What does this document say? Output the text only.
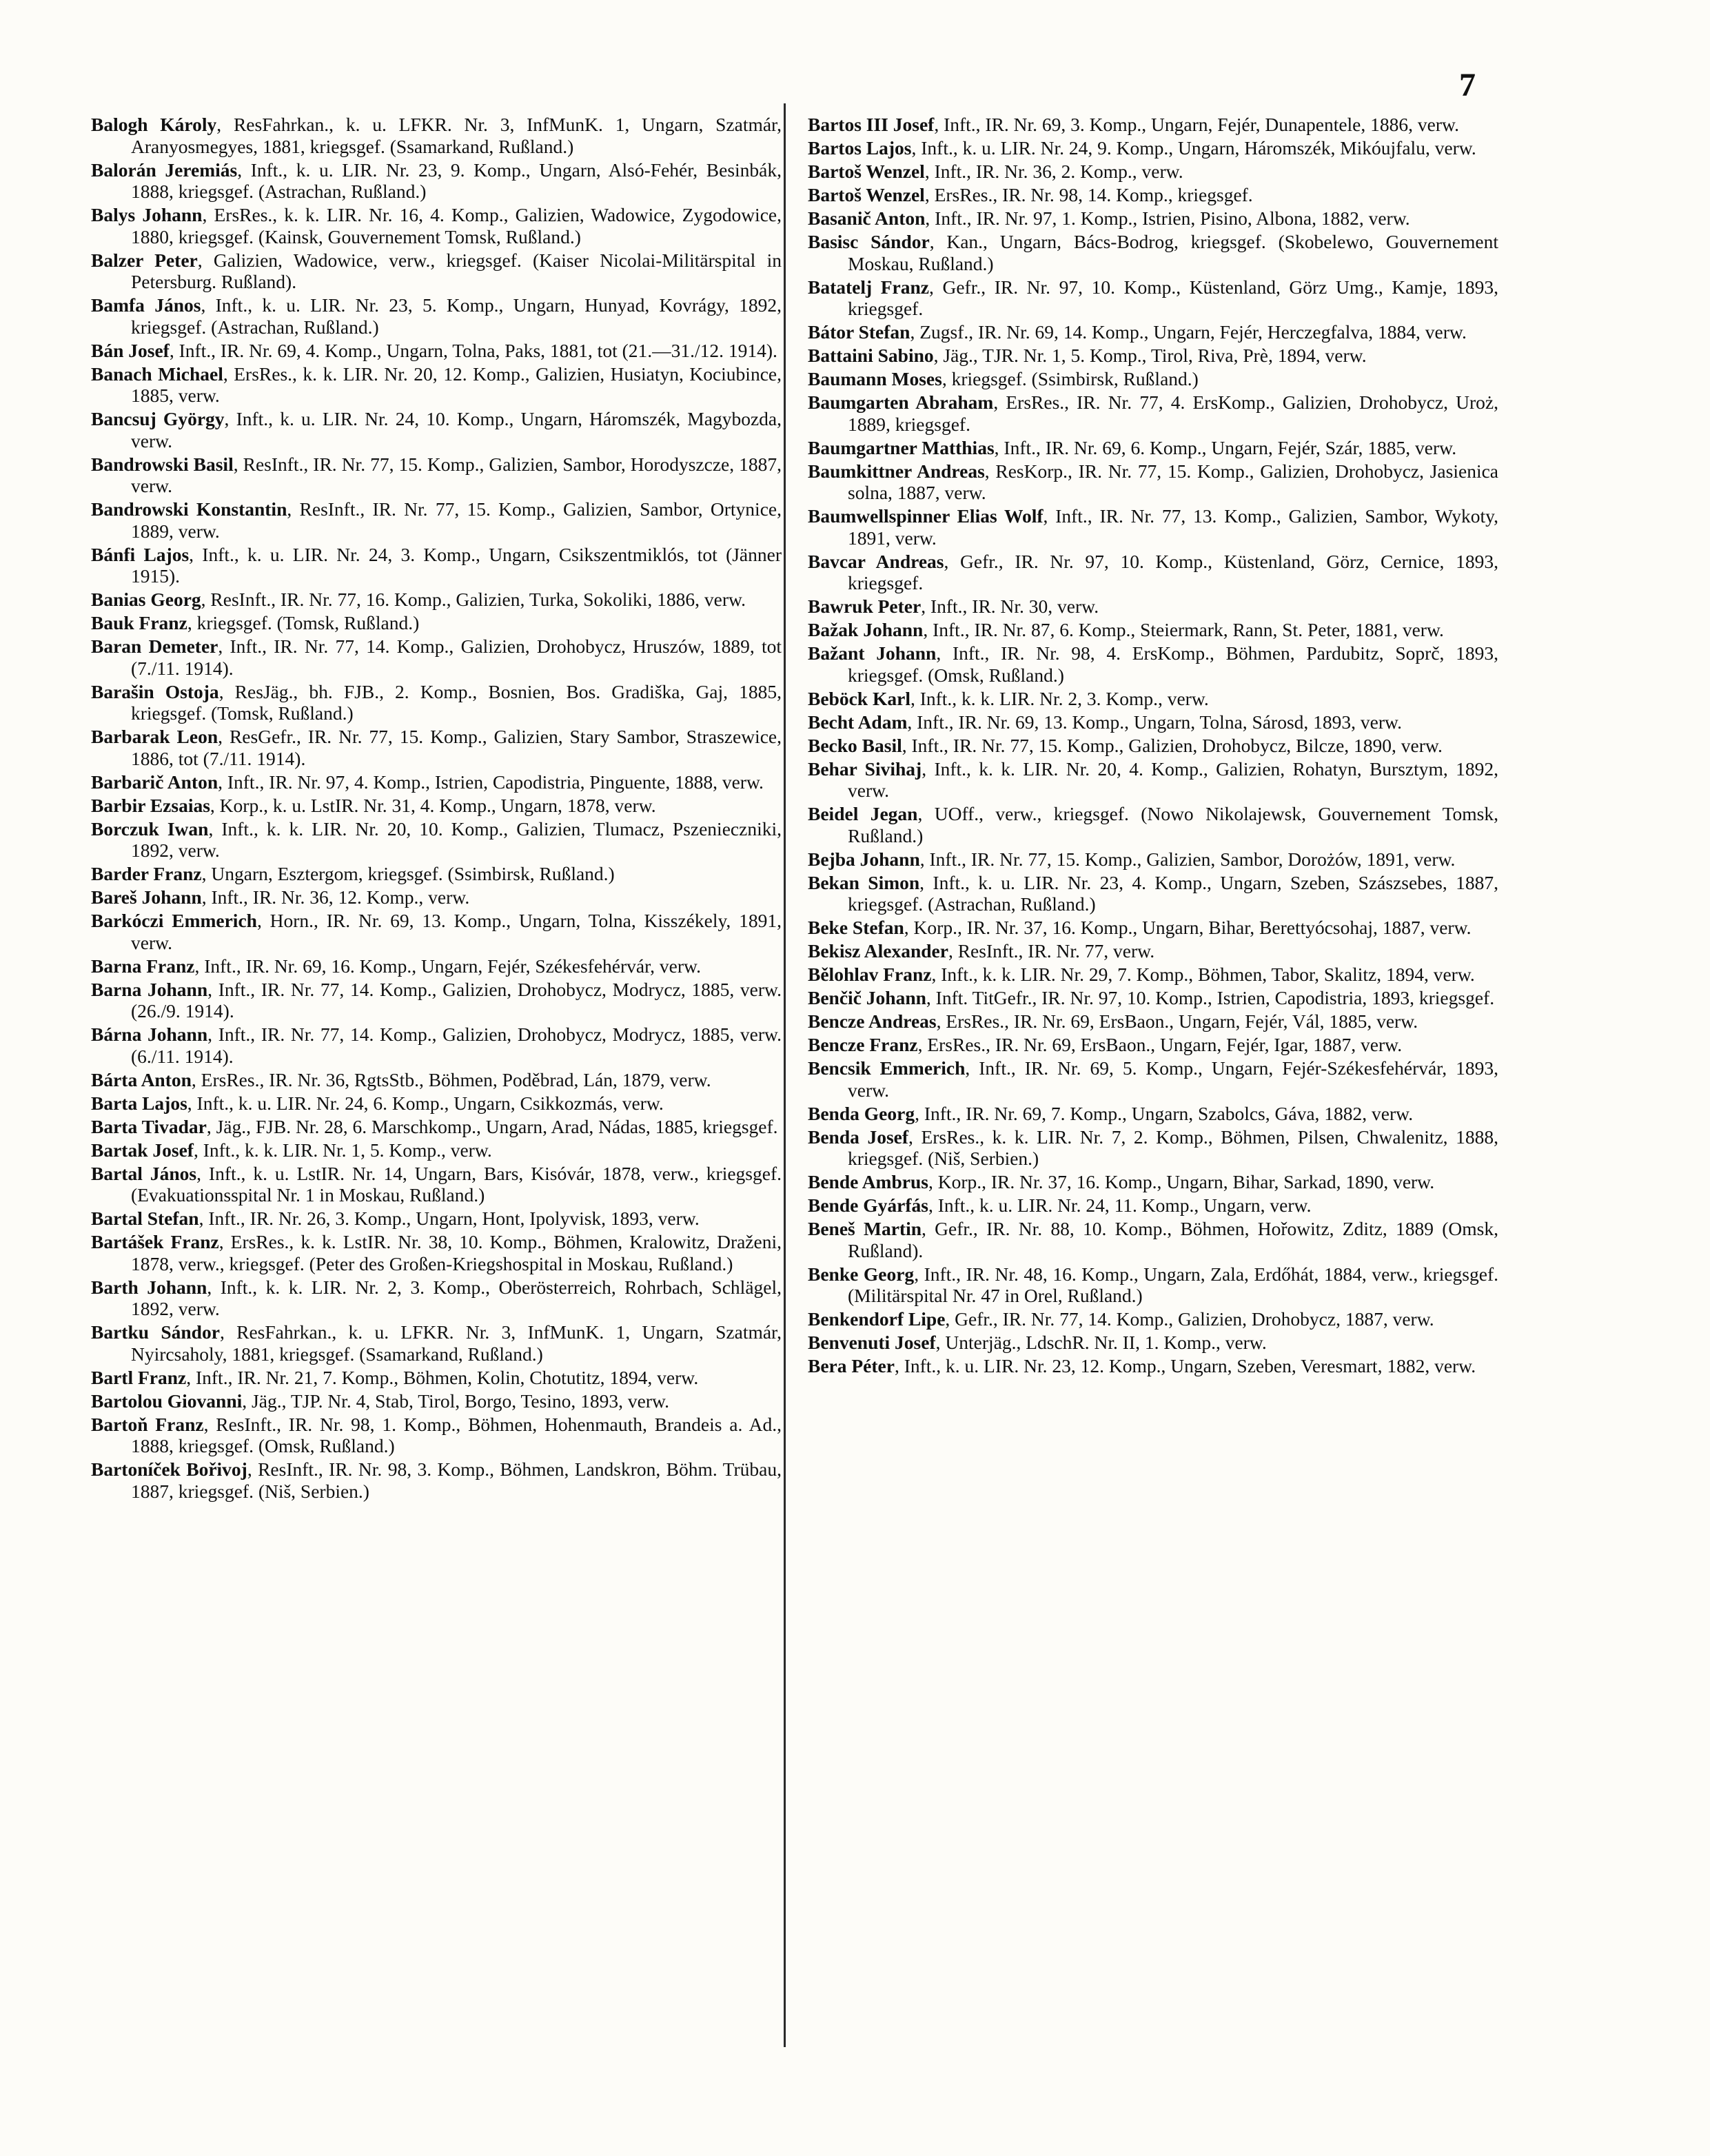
7

Balogh Károly, ResFahrkan., k. u. LFKR. Nr. 3, InfMunK. 1, Ungarn, Szatmár, Aranyosmegyes, 1881, kriegsgef. (Ssamarkand, Rußland.)

Balorán Jeremiás, Inft., k. u. LIR. Nr. 23, 9. Komp., Ungarn, Alsó-Fehér, Besinbák, 1888, kriegsgef. (Astrachan, Rußland.)

Balys Johann, ErsRes., k. k. LIR. Nr. 16, 4. Komp., Galizien, Wadowice, Zygodowice, 1880, kriegsgef. (Kainsk, Gouvernement Tomsk, Rußland.)

Balzer Peter, Galizien, Wadowice, verw., kriegsgef. (Kaiser Nicolai-Militärspital in Petersburg. Rußland).

Bamfa János, Inft., k. u. LIR. Nr. 23, 5. Komp., Ungarn, Hunyad, Kovrágy, 1892, kriegsgef. (Astrachan, Rußland.)

Bán Josef, Inft., IR. Nr. 69, 4. Komp., Ungarn, Tolna, Paks, 1881, tot (21.—31./12. 1914).

Banach Michael, ErsRes., k. k. LIR. Nr. 20, 12. Komp., Galizien, Husiatyn, Kociubince, 1885, verw.

Bancsuj György, Inft., k. u. LIR. Nr. 24, 10. Komp., Ungarn, Háromszék, Magybozda, verw.

Bandrowski Basil, ResInft., IR. Nr. 77, 15. Komp., Galizien, Sambor, Horodyszcze, 1887, verw.

Bandrowski Konstantin, ResInft., IR. Nr. 77, 15. Komp., Galizien, Sambor, Ortynice, 1889, verw.

Bánfi Lajos, Inft., k. u. LIR. Nr. 24, 3. Komp., Ungarn, Csikszentmiklós, tot (Jänner 1915).

Banias Georg, ResInft., IR. Nr. 77, 16. Komp., Galizien, Turka, Sokoliki, 1886, verw.

Bauk Franz, kriegsgef. (Tomsk, Rußland.)

Baran Demeter, Inft., IR. Nr. 77, 14. Komp., Galizien, Drohobycz, Hruszów, 1889, tot (7./11. 1914).

Barašin Ostoja, ResJäg., bh. FJB., 2. Komp., Bosnien, Bos. Gradiška, Gaj, 1885, kriegsgef. (Tomsk, Rußland.)

Barbarak Leon, ResGefr., IR. Nr. 77, 15. Komp., Galizien, Stary Sambor, Straszewice, 1886, tot (7./11. 1914).

Barbarič Anton, Inft., IR. Nr. 97, 4. Komp., Istrien, Capodistria, Pinguente, 1888, verw.

Barbir Ezsaias, Korp., k. u. LstIR. Nr. 31, 4. Komp., Ungarn, 1878, verw.

Borczuk Iwan, Inft., k. k. LIR. Nr. 20, 10. Komp., Galizien, Tlumacz, Pszenieczniki, 1892, verw.

Barder Franz, Ungarn, Esztergom, kriegsgef. (Ssimbirsk, Rußland.)

Bareš Johann, Inft., IR. Nr. 36, 12. Komp., verw.

Barkóczi Emmerich, Horn., IR. Nr. 69, 13. Komp., Ungarn, Tolna, Kisszékely, 1891, verw.

Barna Franz, Inft., IR. Nr. 69, 16. Komp., Ungarn, Fejér, Székesfehérvár, verw.

Barna Johann, Inft., IR. Nr. 77, 14. Komp., Galizien, Drohobycz, Modrycz, 1885, verw. (26./9. 1914).

Bárna Johann, Inft., IR. Nr. 77, 14. Komp., Galizien, Drohobycz, Modrycz, 1885, verw. (6./11. 1914).

Bárta Anton, ErsRes., IR. Nr. 36, RgtsStb., Böhmen, Poděbrad, Lán, 1879, verw.

Barta Lajos, Inft., k. u. LIR. Nr. 24, 6. Komp., Ungarn, Csikkozmás, verw.

Barta Tivadar, Jäg., FJB. Nr. 28, 6. Marschkomp., Ungarn, Arad, Nádas, 1885, kriegsgef.

Bartak Josef, Inft., k. k. LIR. Nr. 1, 5. Komp., verw.

Bartal János, Inft., k. u. LstIR. Nr. 14, Ungarn, Bars, Kisóvár, 1878, verw., kriegsgef. (Evakuationsspital Nr. 1 in Moskau, Rußland.)

Bartal Stefan, Inft., IR. Nr. 26, 3. Komp., Ungarn, Hont, Ipolyvisk, 1893, verw.

Bartášek Franz, ErsRes., k. k. LstIR. Nr. 38, 10. Komp., Böhmen, Kralowitz, Draženi, 1878, verw., kriegsgef. (Peter des Großen-Kriegshospital in Moskau, Rußland.)

Barth Johann, Inft., k. k. LIR. Nr. 2, 3. Komp., Oberösterreich, Rohrbach, Schlägel, 1892, verw.

Bartku Sándor, ResFahrkan., k. u. LFKR. Nr. 3, InfMunK. 1, Ungarn, Szatmár, Nyircsaholy, 1881, kriegsgef. (Ssamarkand, Rußland.)

Bartl Franz, Inft., IR. Nr. 21, 7. Komp., Böhmen, Kolin, Chotutitz, 1894, verw.

Bartolou Giovanni, Jäg., TJP. Nr. 4, Stab, Tirol, Borgo, Tesino, 1893, verw.

Bartoň Franz, ResInft., IR. Nr. 98, 1. Komp., Böhmen, Hohenmauth, Brandeis a. Ad., 1888, kriegsgef. (Omsk, Rußland.)

Bartoníček Bořivoj, ResInft., IR. Nr. 98, 3. Komp., Böhmen, Landskron, Böhm. Trübau, 1887, kriegsgef. (Niš, Serbien.)

Bartos III Josef, Inft., IR. Nr. 69, 3. Komp., Ungarn, Fejér, Dunapentele, 1886, verw.

Bartos Lajos, Inft., k. u. LIR. Nr. 24, 9. Komp., Ungarn, Háromszék, Mikóujfalu, verw.

Bartoš Wenzel, Inft., IR. Nr. 36, 2. Komp., verw.

Bartoš Wenzel, ErsRes., IR. Nr. 98, 14. Komp., kriegsgef.

Basanič Anton, Inft., IR. Nr. 97, 1. Komp., Istrien, Pisino, Albona, 1882, verw.

Basisc Sándor, Kan., Ungarn, Bács-Bodrog, kriegsgef. (Skobelewo, Gouvernement Moskau, Rußland.)

Batatelj Franz, Gefr., IR. Nr. 97, 10. Komp., Küstenland, Görz Umg., Kamje, 1893, kriegsgef.

Bátor Stefan, Zugsf., IR. Nr. 69, 14. Komp., Ungarn, Fejér, Herczegfalva, 1884, verw.

Battaini Sabino, Jäg., TJR. Nr. 1, 5. Komp., Tirol, Riva, Prè, 1894, verw.

Baumann Moses, kriegsgef. (Ssimbirsk, Rußland.)

Baumgarten Abraham, ErsRes., IR. Nr. 77, 4. ErsKomp., Galizien, Drohobycz, Uroż, 1889, kriegsgef.

Baumgartner Matthias, Inft., IR. Nr. 69, 6. Komp., Ungarn, Fejér, Szár, 1885, verw.

Baumkittner Andreas, ResKorp., IR. Nr. 77, 15. Komp., Galizien, Drohobycz, Jasienica solna, 1887, verw.

Baumwellspinner Elias Wolf, Inft., IR. Nr. 77, 13. Komp., Galizien, Sambor, Wykoty, 1891, verw.

Bavcar Andreas, Gefr., IR. Nr. 97, 10. Komp., Küstenland, Görz, Cernice, 1893, kriegsgef.

Bawruk Peter, Inft., IR. Nr. 30, verw.

Bažak Johann, Inft., IR. Nr. 87, 6. Komp., Steiermark, Rann, St. Peter, 1881, verw.

Bažant Johann, Inft., IR. Nr. 98, 4. ErsKomp., Böhmen, Pardubitz, Soprč, 1893, kriegsgef. (Omsk, Rußland.)

Beböck Karl, Inft., k. k. LIR. Nr. 2, 3. Komp., verw.

Becht Adam, Inft., IR. Nr. 69, 13. Komp., Ungarn, Tolna, Sárosd, 1893, verw.

Becko Basil, Inft., IR. Nr. 77, 15. Komp., Galizien, Drohobycz, Bilcze, 1890, verw.

Behar Sivihaj, Inft., k. k. LIR. Nr. 20, 4. Komp., Galizien, Rohatyn, Bursztym, 1892, verw.

Beidel Jegan, UOff., verw., kriegsgef. (Nowo Nikolajewsk, Gouvernement Tomsk, Rußland.)

Bejba Johann, Inft., IR. Nr. 77, 15. Komp., Galizien, Sambor, Dorożów, 1891, verw.

Bekan Simon, Inft., k. u. LIR. Nr. 23, 4. Komp., Ungarn, Szeben, Szászsebes, 1887, kriegsgef. (Astrachan, Rußland.)

Beke Stefan, Korp., IR. Nr. 37, 16. Komp., Ungarn, Bihar, Berettyócsohaj, 1887, verw.

Bekisz Alexander, ResInft., IR. Nr. 77, verw.

Bělohlav Franz, Inft., k. k. LIR. Nr. 29, 7. Komp., Böhmen, Tabor, Skalitz, 1894, verw.

Benčič Johann, Inft. TitGefr., IR. Nr. 97, 10. Komp., Istrien, Capodistria, 1893, kriegsgef.

Bencze Andreas, ErsRes., IR. Nr. 69, ErsBaon., Ungarn, Fejér, Vál, 1885, verw.

Bencze Franz, ErsRes., IR. Nr. 69, ErsBaon., Ungarn, Fejér, Igar, 1887, verw.

Bencsik Emmerich, Inft., IR. Nr. 69, 5. Komp., Ungarn, Fejér-Székesfehérvár, 1893, verw.

Benda Georg, Inft., IR. Nr. 69, 7. Komp., Ungarn, Szabolcs, Gáva, 1882, verw.

Benda Josef, ErsRes., k. k. LIR. Nr. 7, 2. Komp., Böhmen, Pilsen, Chwalenitz, 1888, kriegsgef. (Niš, Serbien.)

Bende Ambrus, Korp., IR. Nr. 37, 16. Komp., Ungarn, Bihar, Sarkad, 1890, verw.

Bende Gyárfás, Inft., k. u. LIR. Nr. 24, 11. Komp., Ungarn, verw.

Beneš Martin, Gefr., IR. Nr. 88, 10. Komp., Böhmen, Hořowitz, Zditz, 1889 (Omsk, Rußland).

Benke Georg, Inft., IR. Nr. 48, 16. Komp., Ungarn, Zala, Erdőhát, 1884, verw., kriegsgef. (Militärspital Nr. 47 in Orel, Rußland.)

Benkendorf Lipe, Gefr., IR. Nr. 77, 14. Komp., Galizien, Drohobycz, 1887, verw.

Benvenuti Josef, Unterjäg., LdschR. Nr. II, 1. Komp., verw.

Bera Péter, Inft., k. u. LIR. Nr. 23, 12. Komp., Ungarn, Szeben, Veresmart, 1882, verw.
